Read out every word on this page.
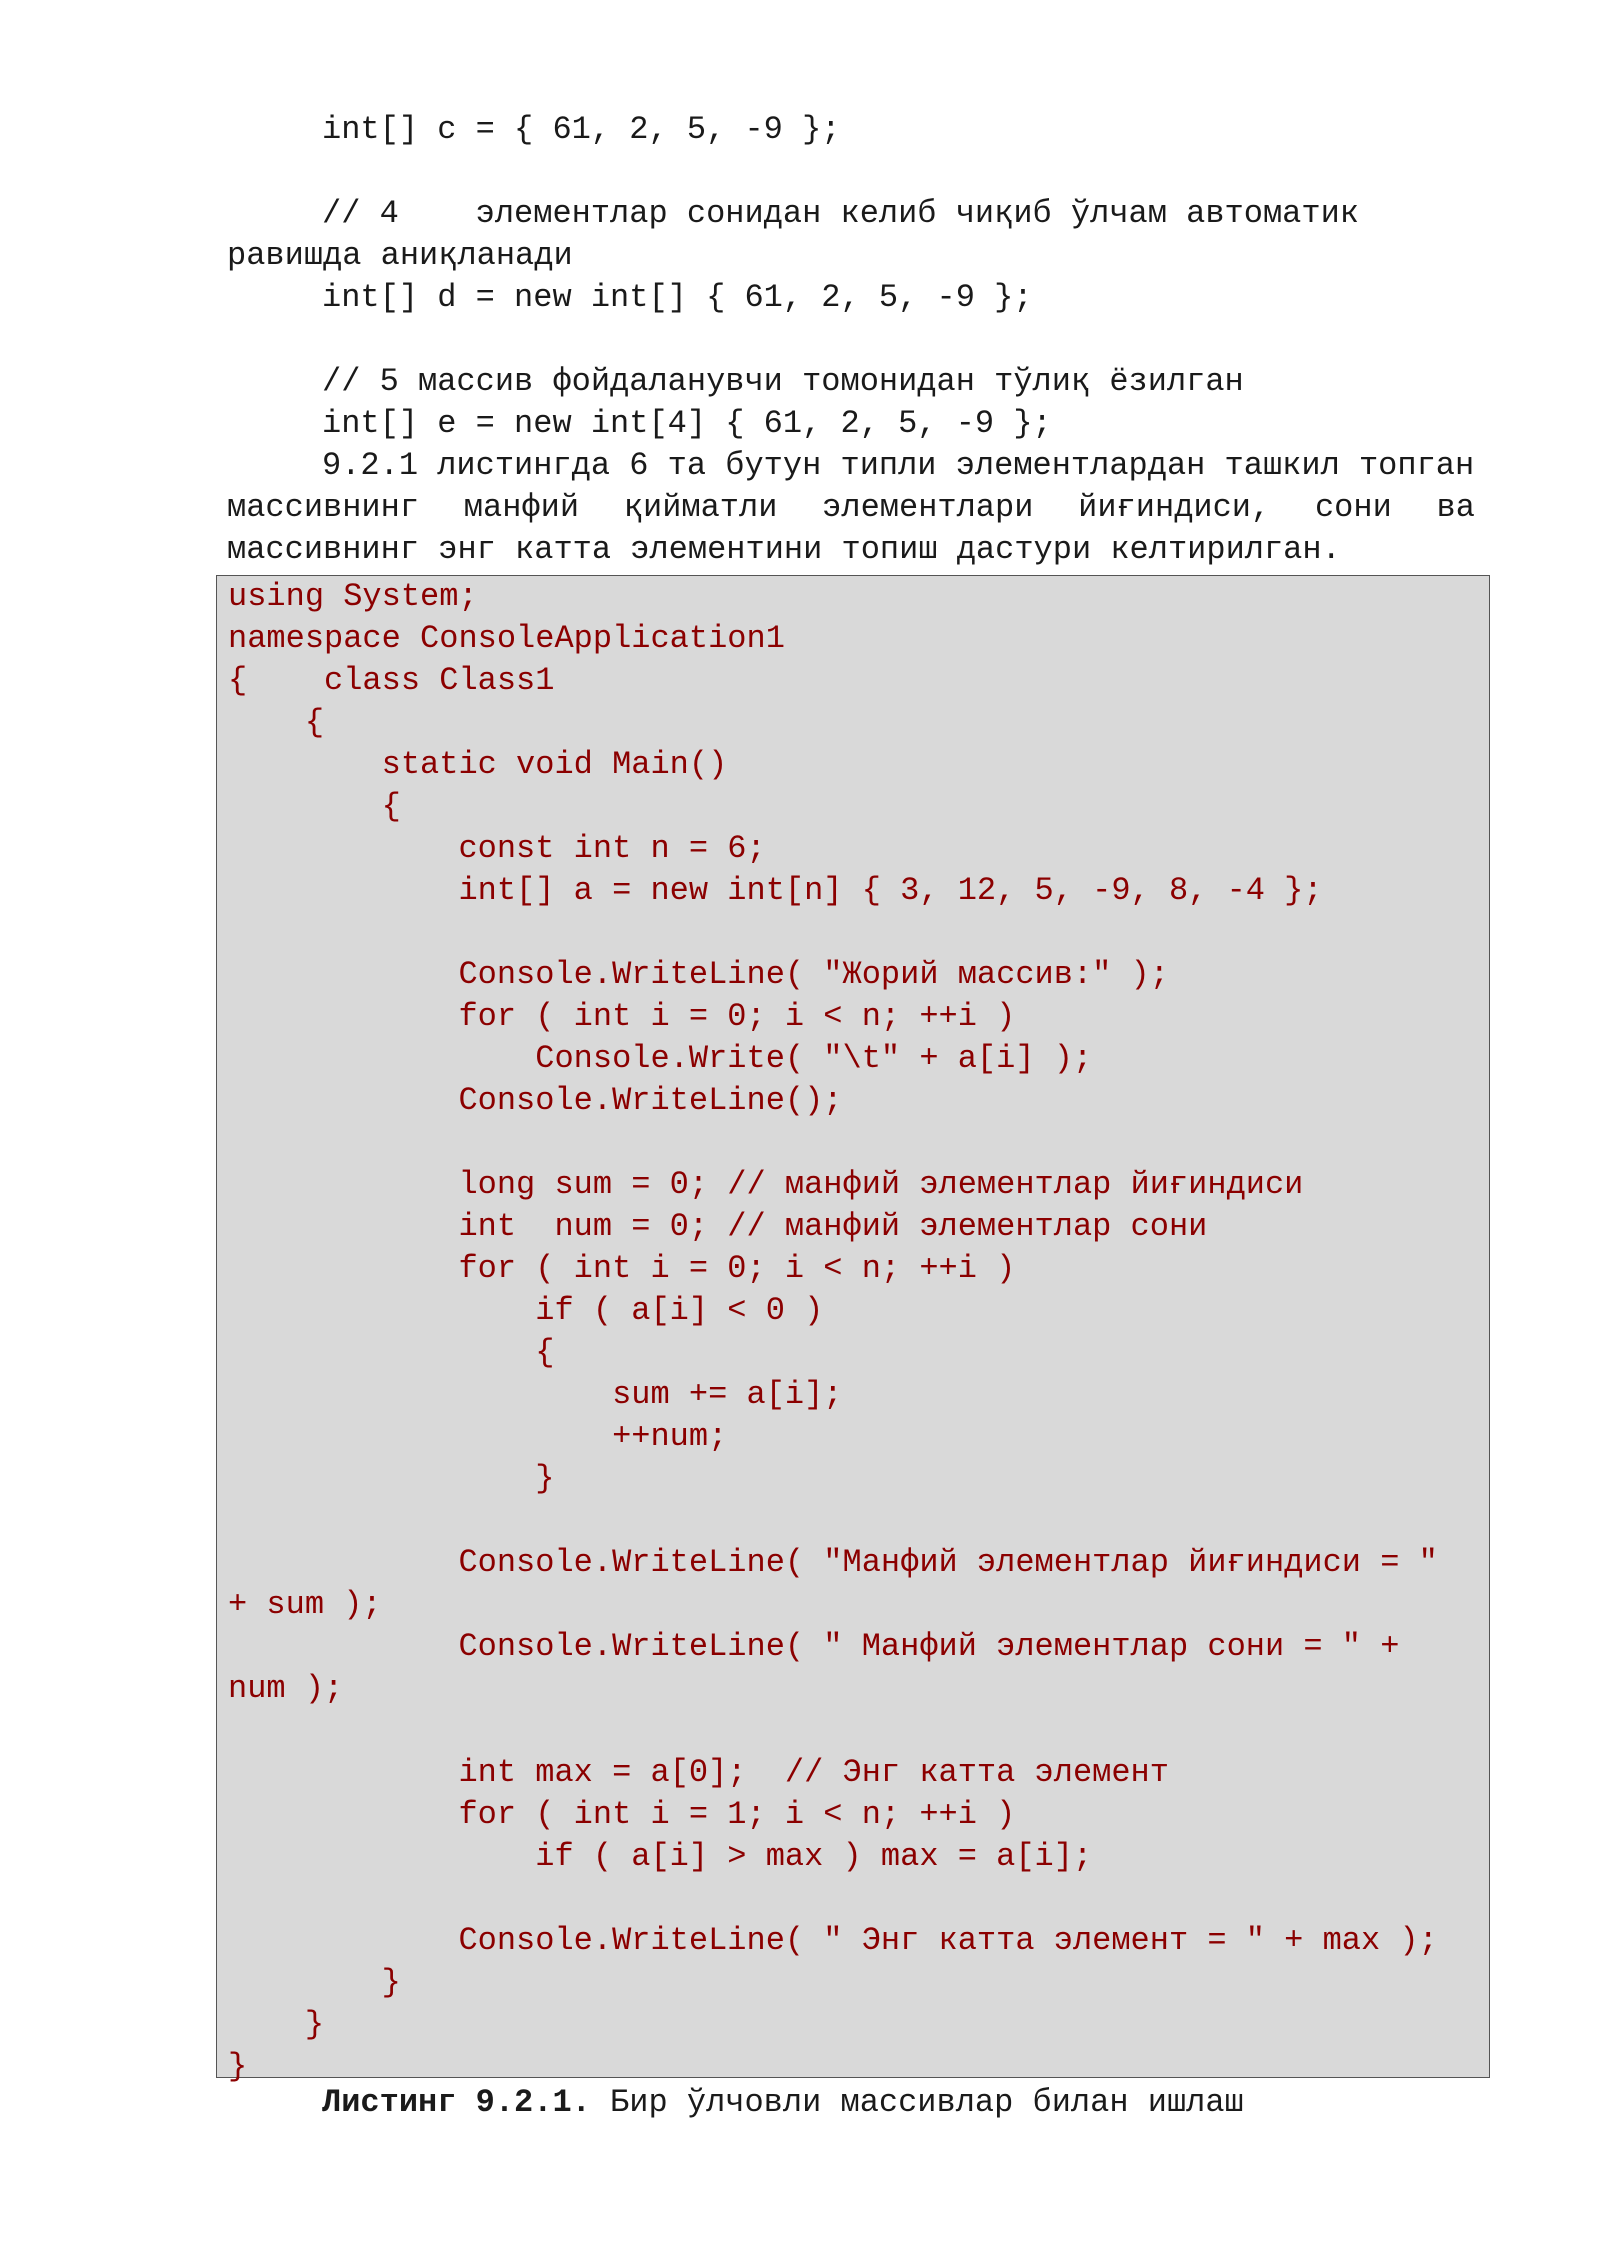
int[] c = { 61, 2, 5, -9 };
// 4    элементлар сонидан келиб чиқиб ўлчам автоматик
равишда аниқланади
int[] d = new int[] { 61, 2, 5, -9 };
// 5 массив фойдаланувчи томонидан тўлиқ ёзилган
int[] e = new int[4] { 61, 2, 5, -9 };
9.2.1 листингда 6 та бутун типли элементлардан ташкил топган
массивнинг манфий қийматли элементлари йиғиндиси, сони ва
массивнинг энг катта элементини топиш дастури келтирилган.
using System;
namespace ConsoleApplication1
{    class Class1
{
static void Main()
{
const int n = 6;
int[] a = new int[n] { 3, 12, 5, -9, 8, -4 };
Console.WriteLine( "Жорий массив:" );
for ( int i = 0; i < n; ++i )
Console.Write( "\t" + a[i] );
Console.WriteLine();
long sum = 0; // манфий элементлар йиғиндиси
int  num = 0; // манфий элементлар сони
for ( int i = 0; i < n; ++i )
if ( a[i] < 0 )
{
sum += a[i];
++num;
}
Console.WriteLine( "Манфий элементлар йиғиндиси = "
+ sum );
Console.WriteLine( " Манфий элементлар сони = " +
num );
int max = a[0];  // Энг катта элемент
for ( int i = 1; i < n; ++i )
if ( a[i] > max ) max = a[i];
Console.WriteLine( " Энг катта элемент = " + max );
}
}
}
Листинг 9.2.1. Бир ўлчовли массивлар билан ишлаш
